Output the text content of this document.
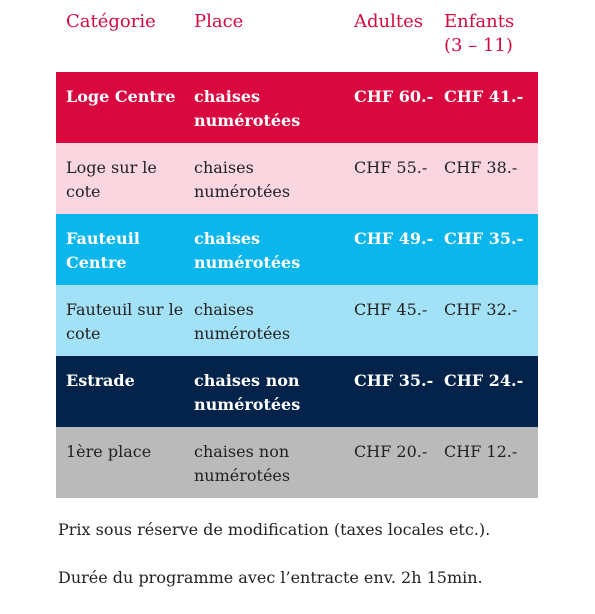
Catégorie	Place	Adultes	Enfants
(3 – 11)
Loge Centre	chaises numérotées	CHF 60.-	CHF 41.-
Loge sur le cote	chaises numérotées	CHF 55.-	CHF 38.-
Fauteuil Centre	chaises numérotées	CHF 49.-	CHF 35.-
Fauteuil sur le cote	chaises numérotées	CHF 45.-	CHF 32.-
Estrade	chaises non numérotées	CHF 35.-	CHF 24.-
1ère place	chaises non numérotées	CHF 20.-	CHF 12.-

Prix sous réserve de modification (taxes locales etc.).

Durée du programme avec l’entracte env. 2h 15min.
